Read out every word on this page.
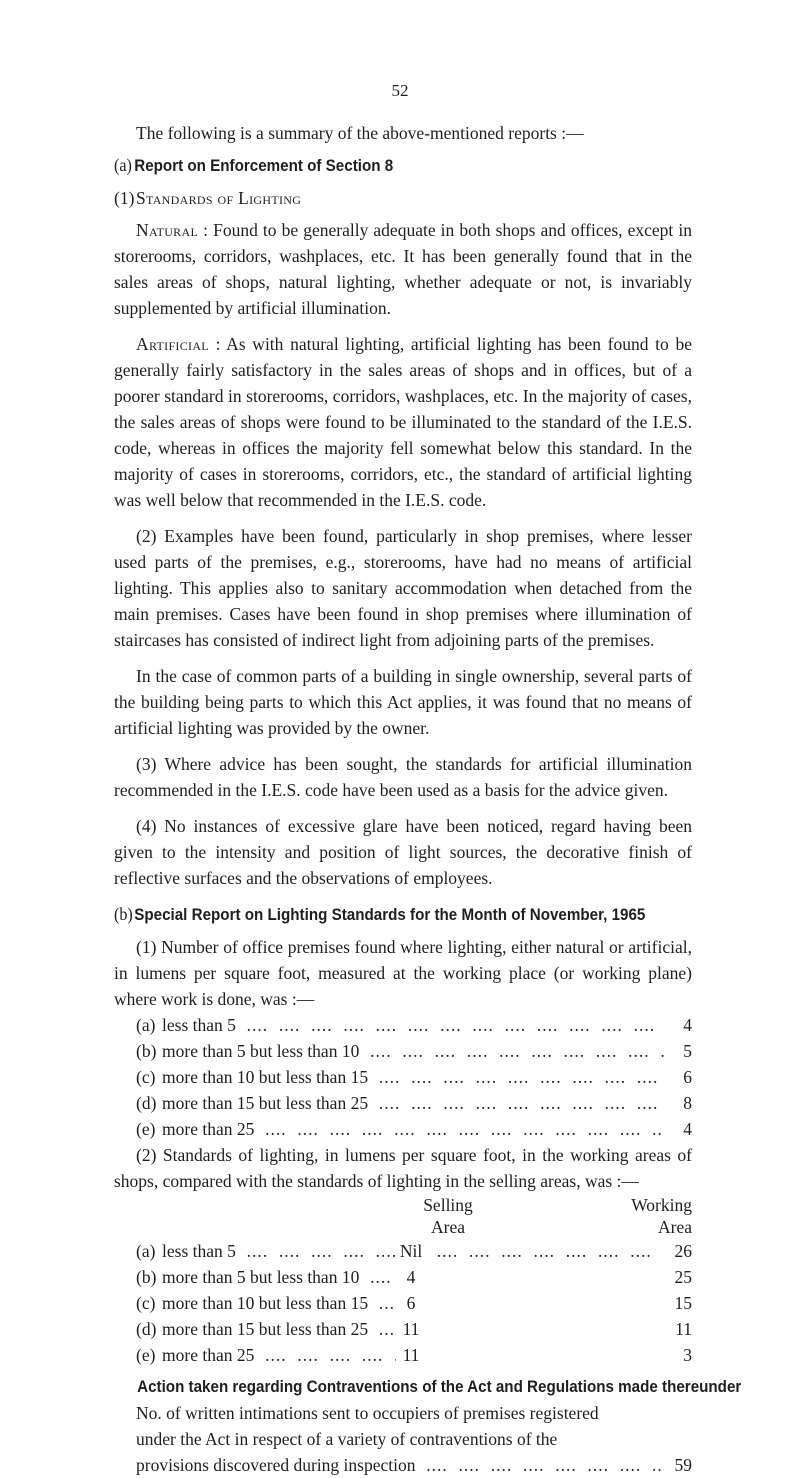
52

The following is a summary of the above-mentioned reports :—

(a) Report on Enforcement of Section 8
(1)Standards of Lighting

Natural : Found to be generally adequate in both shops and offices, except in storerooms, corridors, washplaces, etc. It has been generally found that in the sales areas of shops, natural lighting, whether adequate or not, is invariably supplemented by artificial illumination.

Artificial : As with natural lighting, artificial lighting has been found to be generally fairly satisfactory in the sales areas of shops and in offices, but of a poorer standard in storerooms, corridors, washplaces, etc. In the majority of cases, the sales areas of shops were found to be illuminated to the standard of the I.E.S. code, whereas in offices the majority fell somewhat below this standard. In the majority of cases in storerooms, corridors, etc., the standard of artificial lighting was well below that recommended in the I.E.S. code.

(2) Examples have been found, particularly in shop premises, where lesser used parts of the premises, e.g., storerooms, have had no means of artificial lighting. This applies also to sanitary accommodation when detached from the main premises. Cases have been found in shop premises where illumination of staircases has consisted of indirect light from adjoining parts of the premises.

In the case of common parts of a building in single ownership, several parts of the building being parts to which this Act applies, it was found that no means of artificial lighting was provided by the owner.

(3) Where advice has been sought, the standards for artificial illumination recommended in the I.E.S. code have been used as a basis for the advice given.

(4) No instances of excessive glare have been noticed, regard having been given to the intensity and position of light sources, the decorative finish of reflective surfaces and the observations of employees.

(b)Special Report on Lighting Standards for the Month of November, 1965

(1) Number of office premises found where lighting, either natural or artificial, in lumens per square foot, measured at the working place (or working plane) where work is done, was :—

(a) less than 5 ....	4
(b) more than 5 but less than 10 ....	5
(c) more than 10 but less than 15 ....	6
(d) more than 15 but less than 25 ....	8
(e) more than 25 ....	4

(2) Standards of lighting, in lumens per square foot, in the working areas of shops, compared with the standards of lighting in the selling areas, was :—

Selling	Working
Area	Area
(a) less than 5 ....	Nil ....	26
(b) more than 5 but less than 10 ....	4	25
(c) more than 10 but less than 15 ....	6	15
(d) more than 15 but less than 25 ....	11	11
(e) more than 25 ....	11	3
Action taken regarding Contraventions of the Act and Regulations made thereunder
No. of written intimations sent to occupiers of premises registered
under the Act in respect of a variety of contraventions of the
provisions discovered during inspection ....	59
